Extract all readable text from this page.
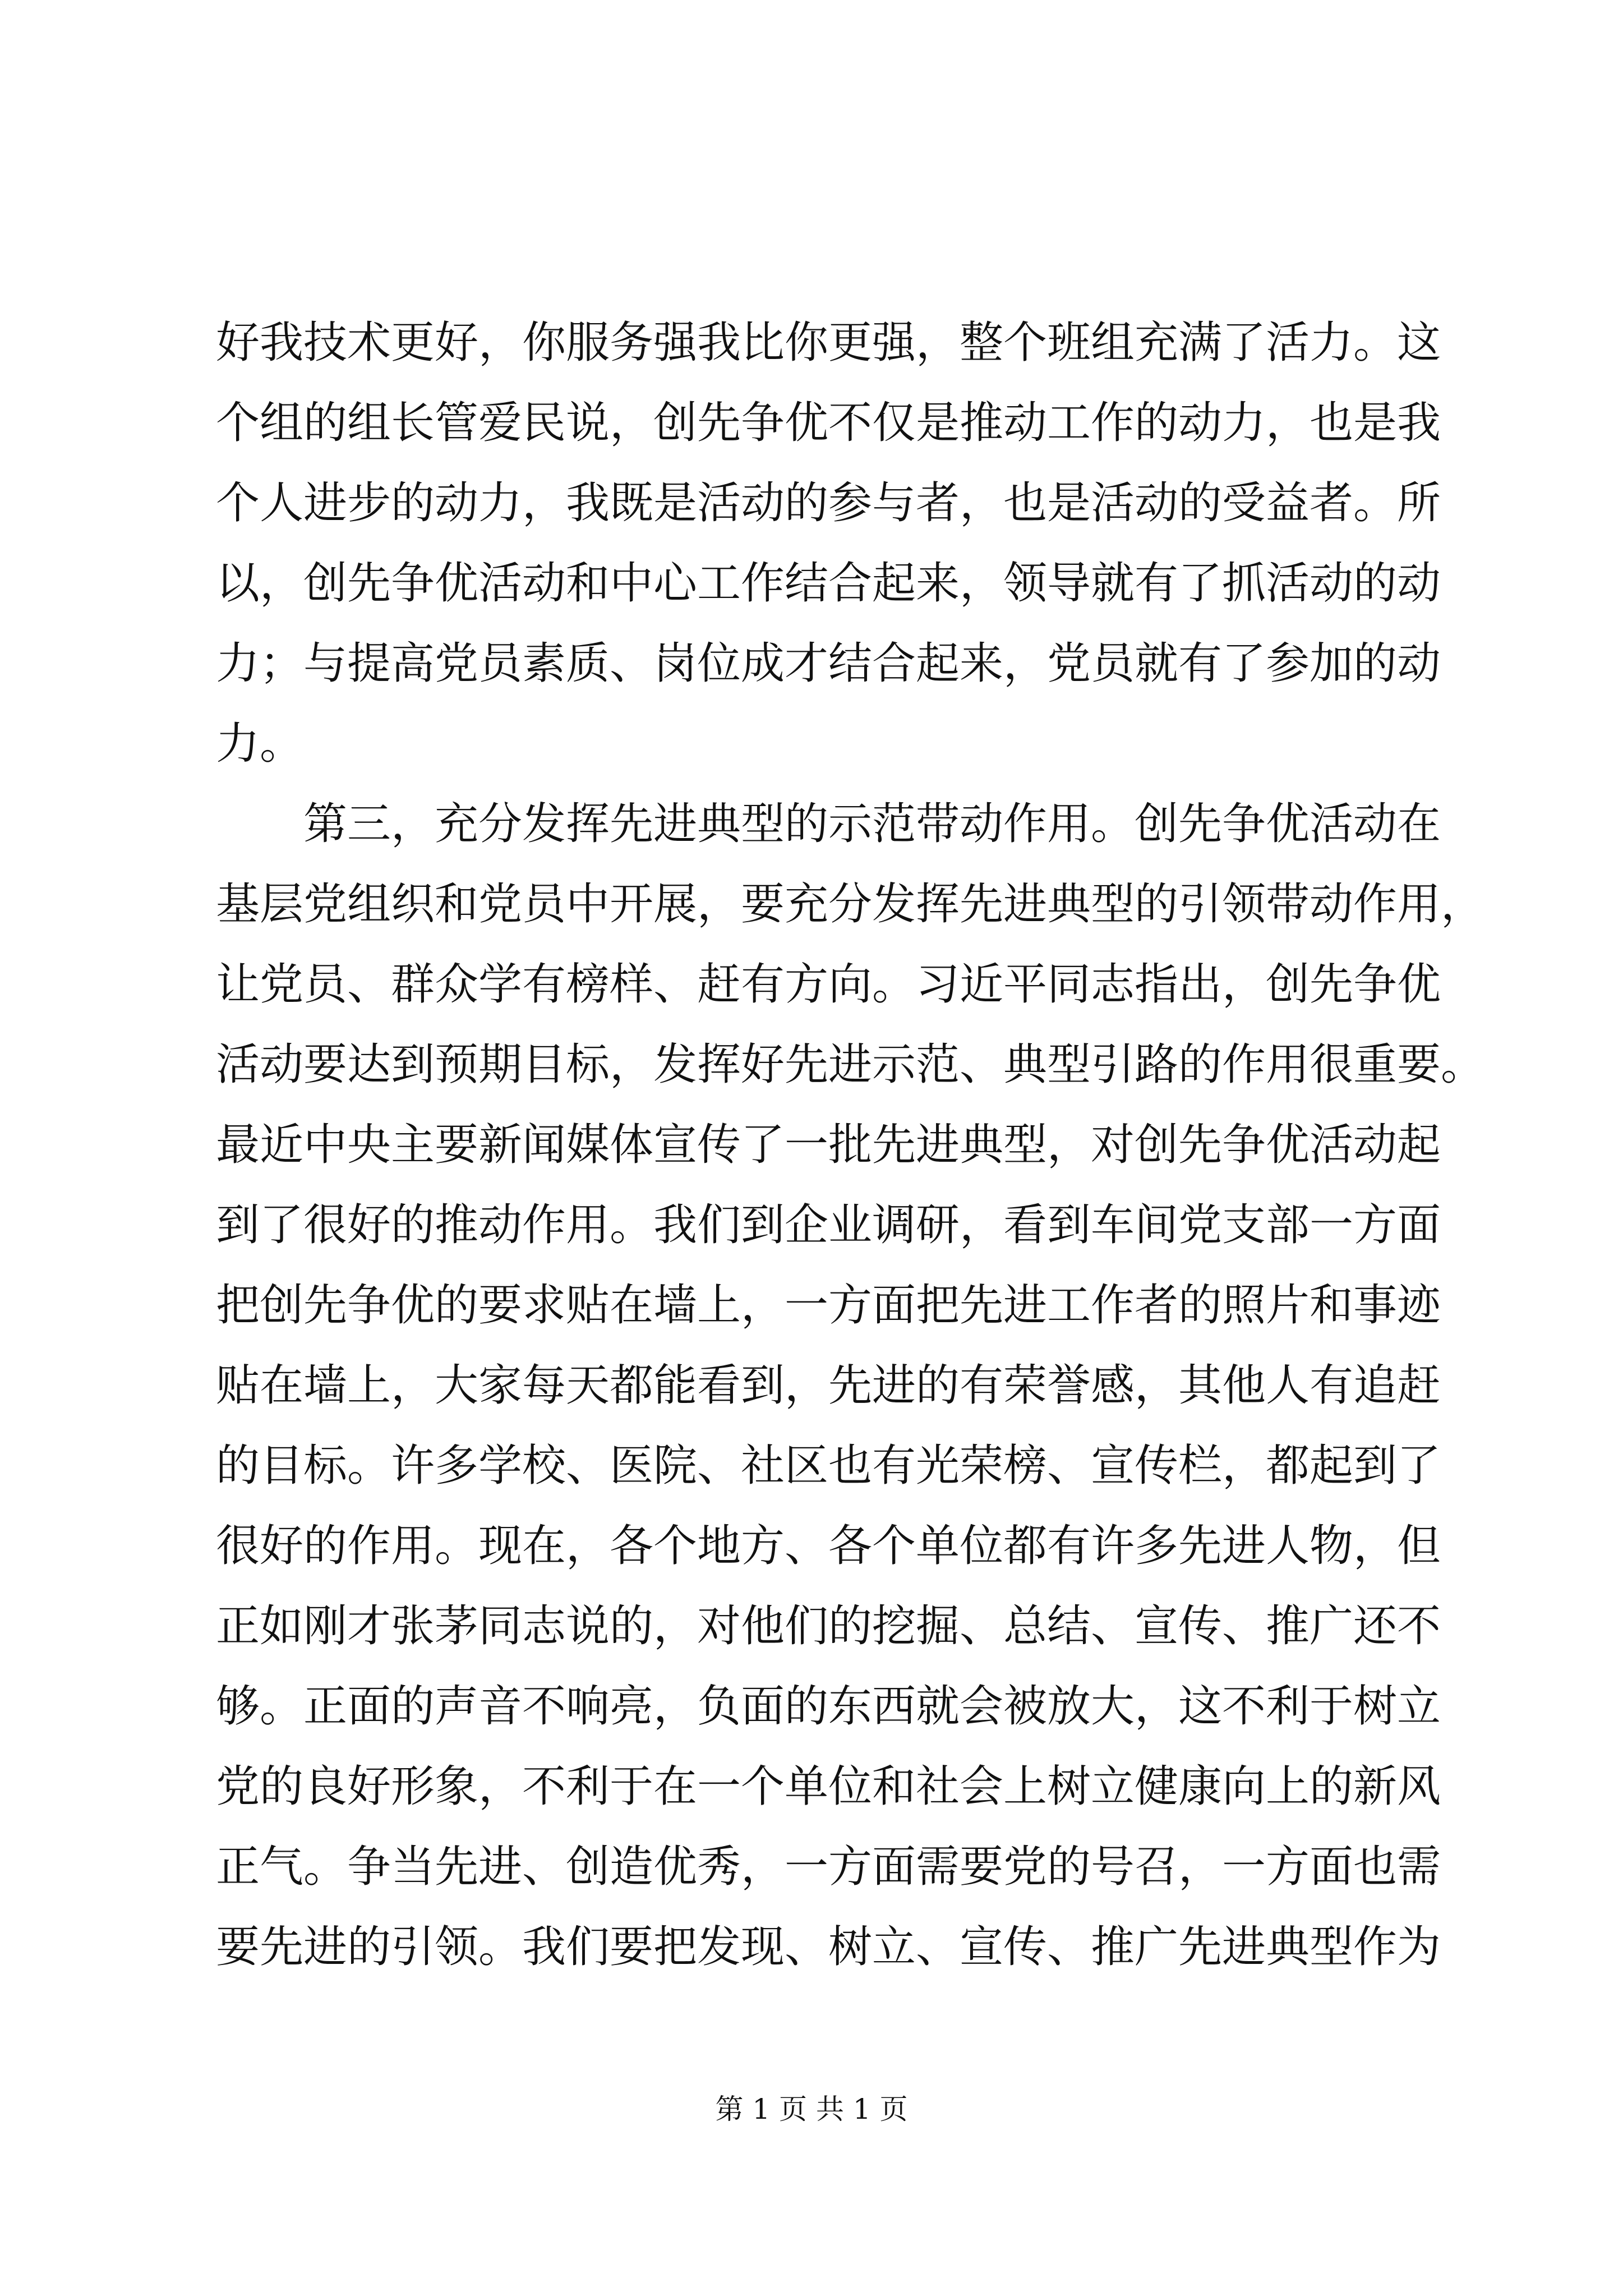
好我技术更好，你服务强我比你更强，整个班组充满了活力。这
个组的组长管爱民说，创先争优不仅是推动工作的动力，也是我
个人进步的动力，我既是活动的参与者，也是活动的受益者。所
以，创先争优活动和中心工作结合起来，领导就有了抓活动的动
力；与提高党员素质、岗位成才结合起来，党员就有了参加的动
力。
　　第三，充分发挥先进典型的示范带动作用。创先争优活动在
基层党组织和党员中开展，要充分发挥先进典型的引领带动作用，
让党员、群众学有榜样、赶有方向。习近平同志指出，创先争优
活动要达到预期目标，发挥好先进示范、典型引路的作用很重要。
最近中央主要新闻媒体宣传了一批先进典型，对创先争优活动起
到了很好的推动作用。我们到企业调研，看到车间党支部一方面
把创先争优的要求贴在墙上，一方面把先进工作者的照片和事迹
贴在墙上，大家每天都能看到，先进的有荣誉感，其他人有追赶
的目标。许多学校、医院、社区也有光荣榜、宣传栏，都起到了
很好的作用。现在，各个地方、各个单位都有许多先进人物，但
正如刚才张茅同志说的，对他们的挖掘、总结、宣传、推广还不
够。正面的声音不响亮，负面的东西就会被放大，这不利于树立
党的良好形象，不利于在一个单位和社会上树立健康向上的新风
正气。争当先进、创造优秀，一方面需要党的号召，一方面也需
要先进的引领。我们要把发现、树立、宣传、推广先进典型作为
第 1 页 共 1 页
